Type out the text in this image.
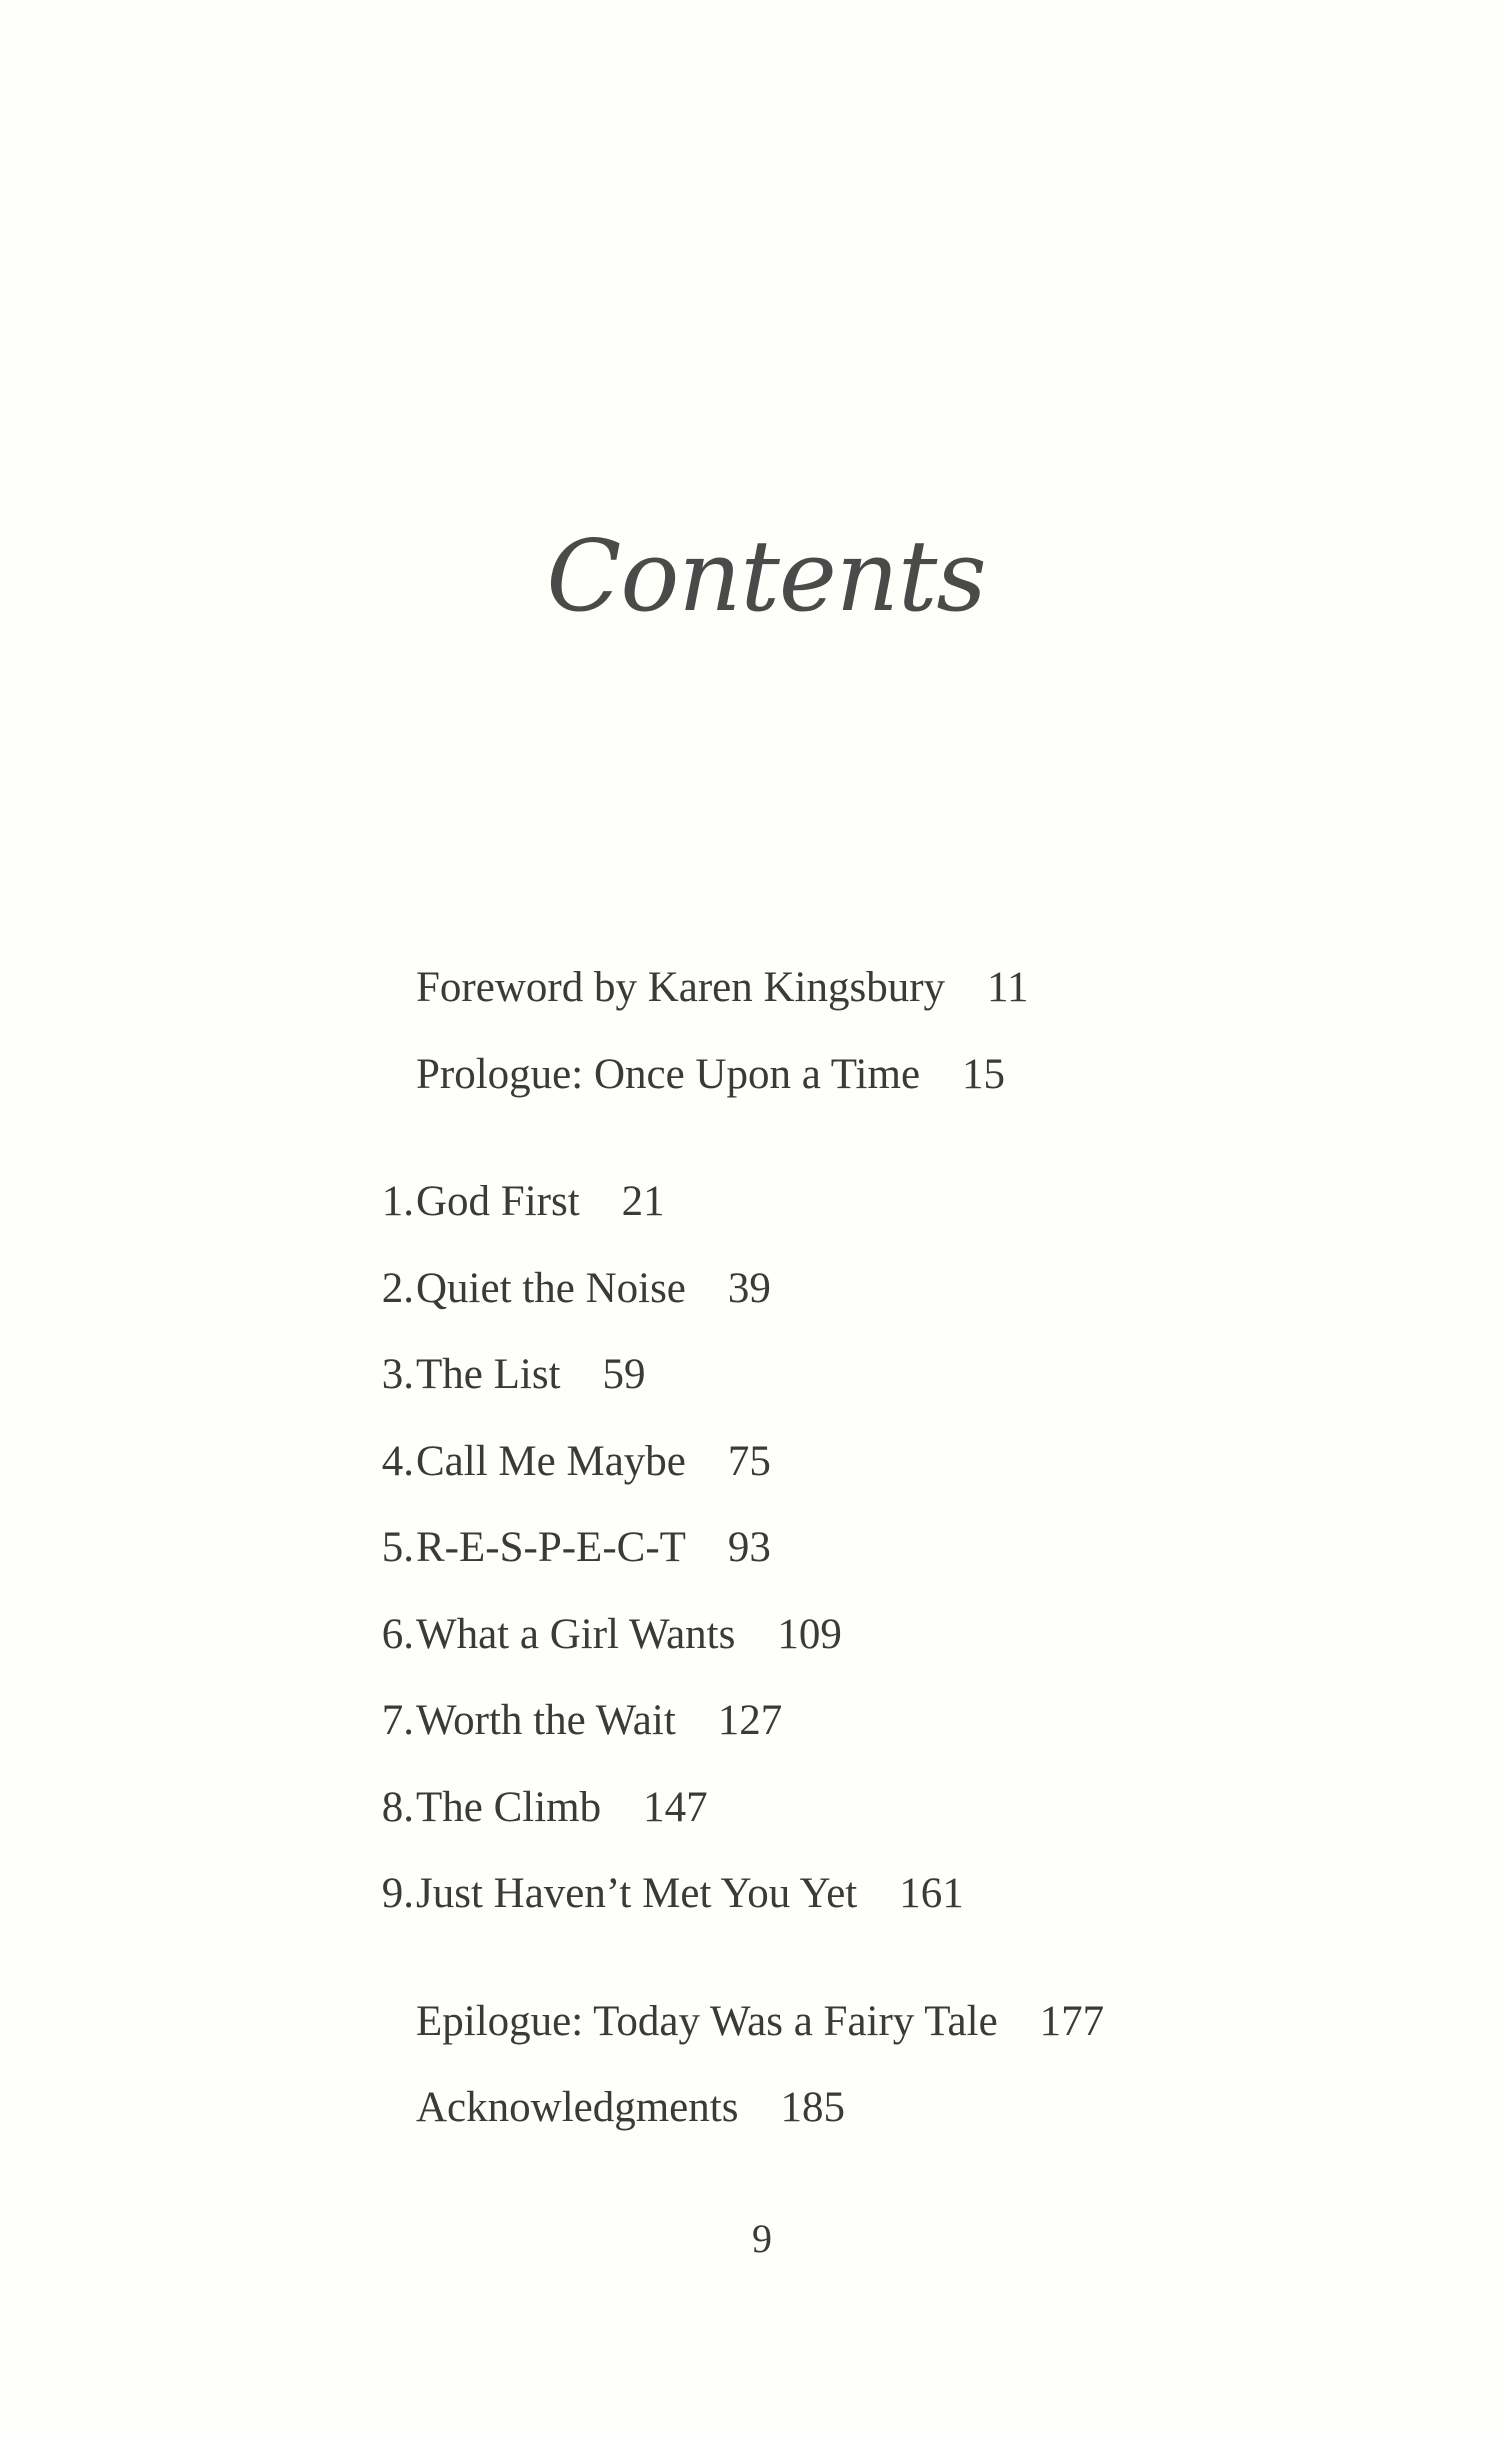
Contents
Foreword by Karen Kingsbury 11
Prologue: Once Upon a Time 15
1. God First 21
2. Quiet the Noise 39
3. The List 59
4. Call Me Maybe 75
5. R-E-S-P-E-C-T 93
6. What a Girl Wants 109
7. Worth the Wait 127
8. The Climb 147
9. Just Haven’t Met You Yet 161
Epilogue: Today Was a Fairy Tale 177
Acknowledgments 185
9
